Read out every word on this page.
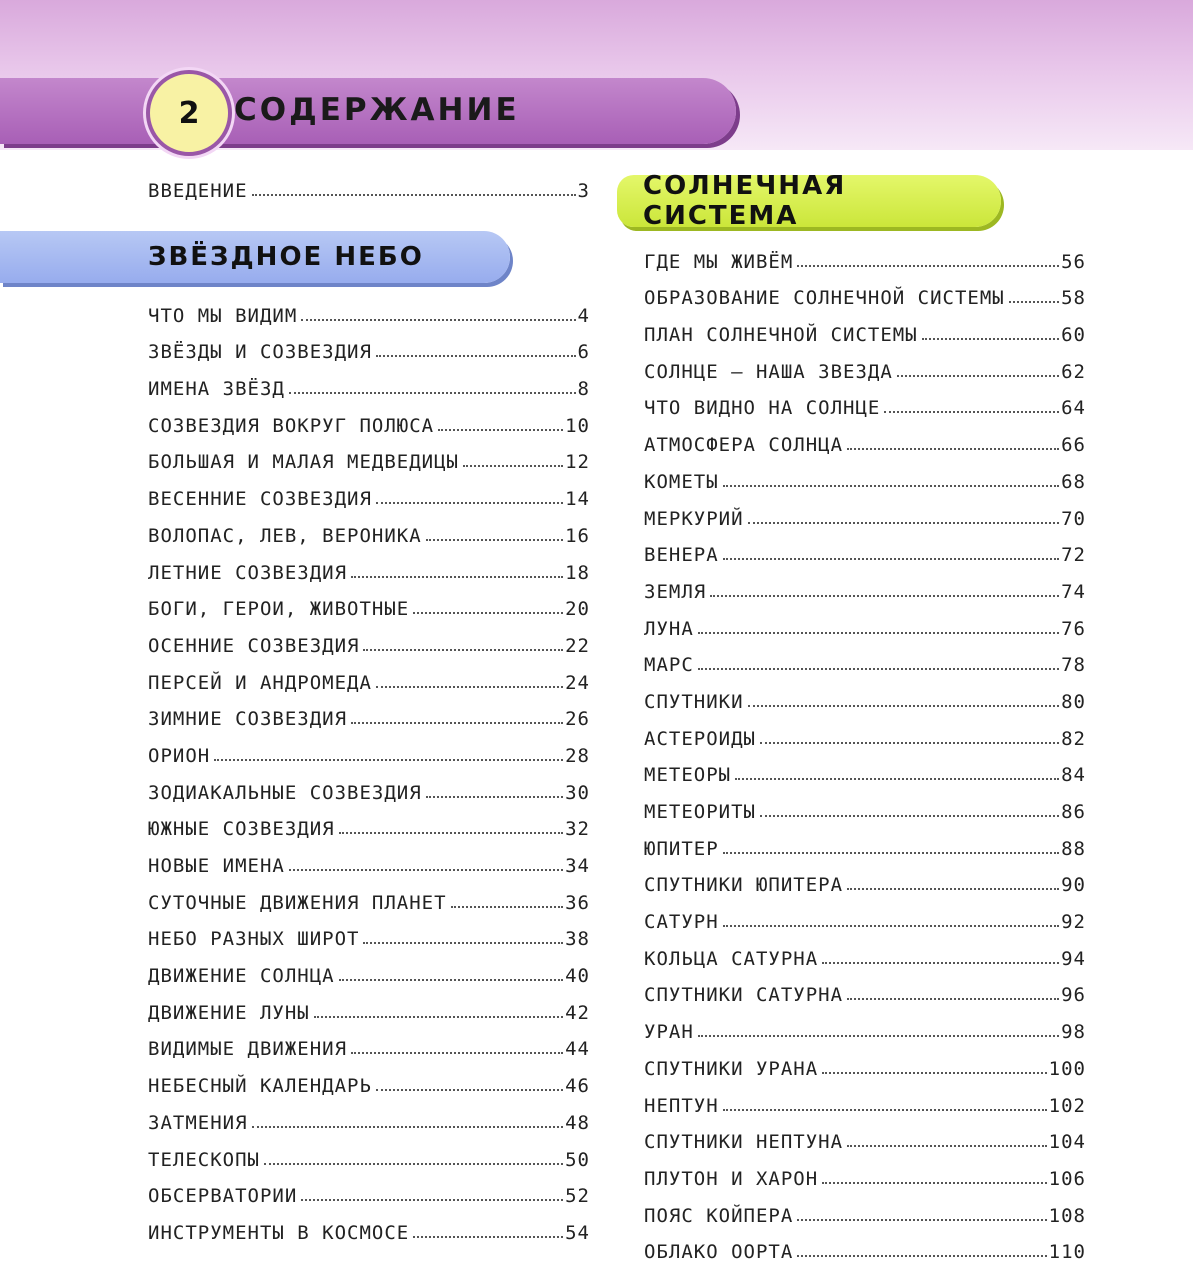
2	СОДЕРЖАНИЕ
ВВЕДЕНИЕ	3
ЗВЁЗДНОЕ НЕБО
СОЛНЕЧНАЯ СИСТЕМА
ЧТО МЫ ВИДИМ	4
ЗВЁЗДЫ И СОЗВЕЗДИЯ	6
ИМЕНА ЗВЁЗД	8
СОЗВЕЗДИЯ ВОКРУГ ПОЛЮСА	10
БОЛЬШАЯ И МАЛАЯ МЕДВЕДИЦЫ	12
ВЕСЕННИЕ СОЗВЕЗДИЯ	14
ВОЛОПАС, ЛЕВ, ВЕРОНИКА	16
ЛЕТНИЕ СОЗВЕЗДИЯ	18
БОГИ, ГЕРОИ, ЖИВОТНЫЕ	20
ОСЕННИЕ СОЗВЕЗДИЯ	22
ПЕРСЕЙ И АНДРОМЕДА	24
ЗИМНИЕ СОЗВЕЗДИЯ	26
ОРИОН	28
ЗОДИАКАЛЬНЫЕ СОЗВЕЗДИЯ	30
ЮЖНЫЕ СОЗВЕЗДИЯ	32
НОВЫЕ ИМЕНА	34
СУТОЧНЫЕ ДВИЖЕНИЯ ПЛАНЕТ	36
НЕБО РАЗНЫХ ШИРОТ	38
ДВИЖЕНИЕ СОЛНЦА	40
ДВИЖЕНИЕ ЛУНЫ	42
ВИДИМЫЕ ДВИЖЕНИЯ	44
НЕБЕСНЫЙ КАЛЕНДАРЬ	46
ЗАТМЕНИЯ	48
ТЕЛЕСКОПЫ	50
ОБСЕРВАТОРИИ	52
ИНСТРУМЕНТЫ В КОСМОСЕ	54
ГДЕ МЫ ЖИВЁМ	56
ОБРАЗОВАНИЕ СОЛНЕЧНОЙ СИСТЕМЫ	58
ПЛАН СОЛНЕЧНОЙ СИСТЕМЫ	60
СОЛНЦЕ — НАША ЗВЕЗДА	62
ЧТО ВИДНО НА СОЛНЦЕ	64
АТМОСФЕРА СОЛНЦА	66
КОМЕТЫ	68
МЕРКУРИЙ	70
ВЕНЕРА	72
ЗЕМЛЯ	74
ЛУНА	76
МАРС	78
СПУТНИКИ	80
АСТЕРОИДЫ	82
МЕТЕОРЫ	84
МЕТЕОРИТЫ	86
ЮПИТЕР	88
СПУТНИКИ ЮПИТЕРА	90
САТУРН	92
КОЛЬЦА САТУРНА	94
СПУТНИКИ САТУРНА	96
УРАН	98
СПУТНИКИ УРАНА	100
НЕПТУН	102
СПУТНИКИ НЕПТУНА	104
ПЛУТОН И ХАРОН	106
ПОЯС КОЙПЕРА	108
ОБЛАКО ООРТА	110
